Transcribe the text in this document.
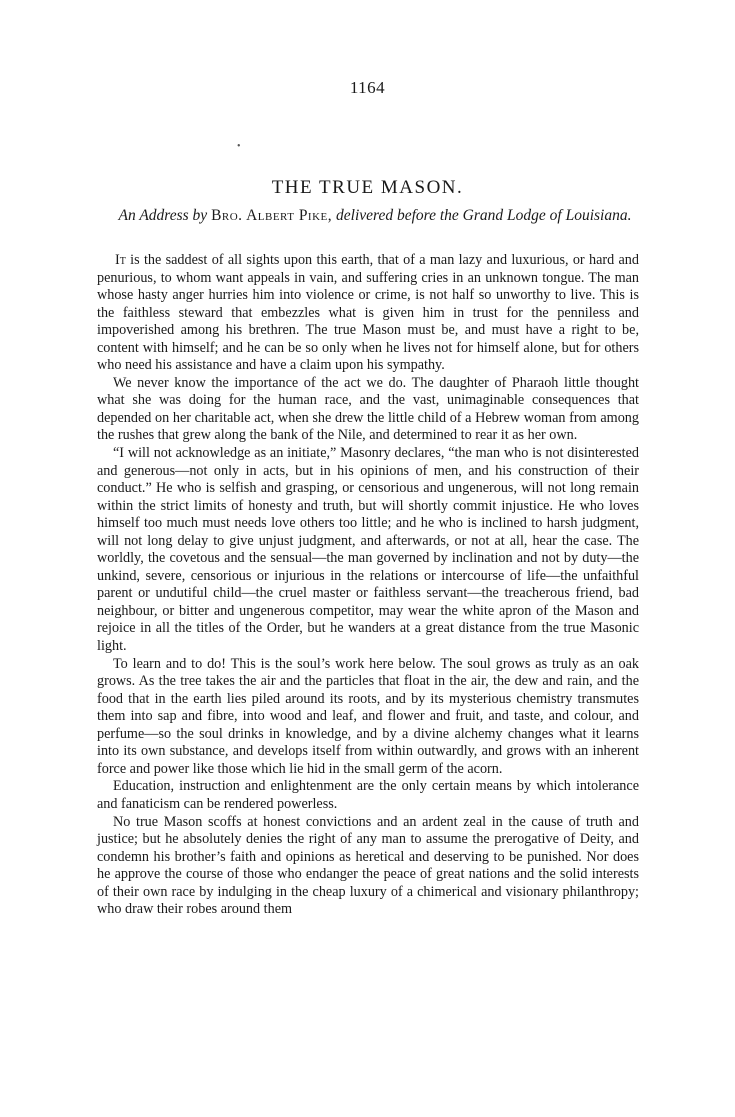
1164
•
THE TRUE MASON.
An Address by Bro. Albert Pike, delivered before the Grand Lodge of Louisiana.

It is the saddest of all sights upon this earth, that of a man lazy and luxurious, or hard and penurious, to whom want appeals in vain, and suffering cries in an unknown tongue. The man whose hasty anger hurries him into violence or crime, is not half so unworthy to live. This is the faithless steward that embezzles what is given him in trust for the penniless and impoverished among his brethren. The true Mason must be, and must have a right to be, content with himself; and he can be so only when he lives not for himself alone, but for others who need his assistance and have a claim upon his sympathy.

We never know the importance of the act we do. The daughter of Pharaoh little thought what she was doing for the human race, and the vast, unimaginable consequences that depended on her charitable act, when she drew the little child of a Hebrew woman from among the rushes that grew along the bank of the Nile, and determined to rear it as her own.

“I will not acknowledge as an initiate,” Masonry declares, “the man who is not disinterested and generous—not only in acts, but in his opinions of men, and his construction of their conduct.” He who is selfish and grasping, or censorious and ungenerous, will not long remain within the strict limits of honesty and truth, but will shortly commit injustice. He who loves himself too much must needs love others too little; and he who is inclined to harsh judgment, will not long delay to give unjust judgment, and afterwards, or not at all, hear the case. The worldly, the covetous and the sensual—the man governed by inclination and not by duty—the unkind, severe, censorious or injurious in the relations or intercourse of life—the unfaithful parent or undutiful child—the cruel master or faithless servant—the treacherous friend, bad neighbour, or bitter and ungenerous competitor, may wear the white apron of the Mason and rejoice in all the titles of the Order, but he wanders at a great distance from the true Masonic light.

To learn and to do! This is the soul’s work here below. The soul grows as truly as an oak grows. As the tree takes the air and the particles that float in the air, the dew and rain, and the food that in the earth lies piled around its roots, and by its mysterious chemistry transmutes them into sap and fibre, into wood and leaf, and flower and fruit, and taste, and colour, and perfume—so the soul drinks in knowledge, and by a divine alchemy changes what it learns into its own substance, and develops itself from within outwardly, and grows with an inherent force and power like those which lie hid in the small germ of the acorn.

Education, instruction and enlightenment are the only certain means by which intolerance and fanaticism can be rendered powerless.

No true Mason scoffs at honest convictions and an ardent zeal in the cause of truth and justice; but he absolutely denies the right of any man to assume the prerogative of Deity, and condemn his brother’s faith and opinions as heretical and deserving to be punished. Nor does he approve the course of those who endanger the peace of great nations and the solid interests of their own race by indulging in the cheap luxury of a chimerical and visionary philanthropy; who draw their robes around them
